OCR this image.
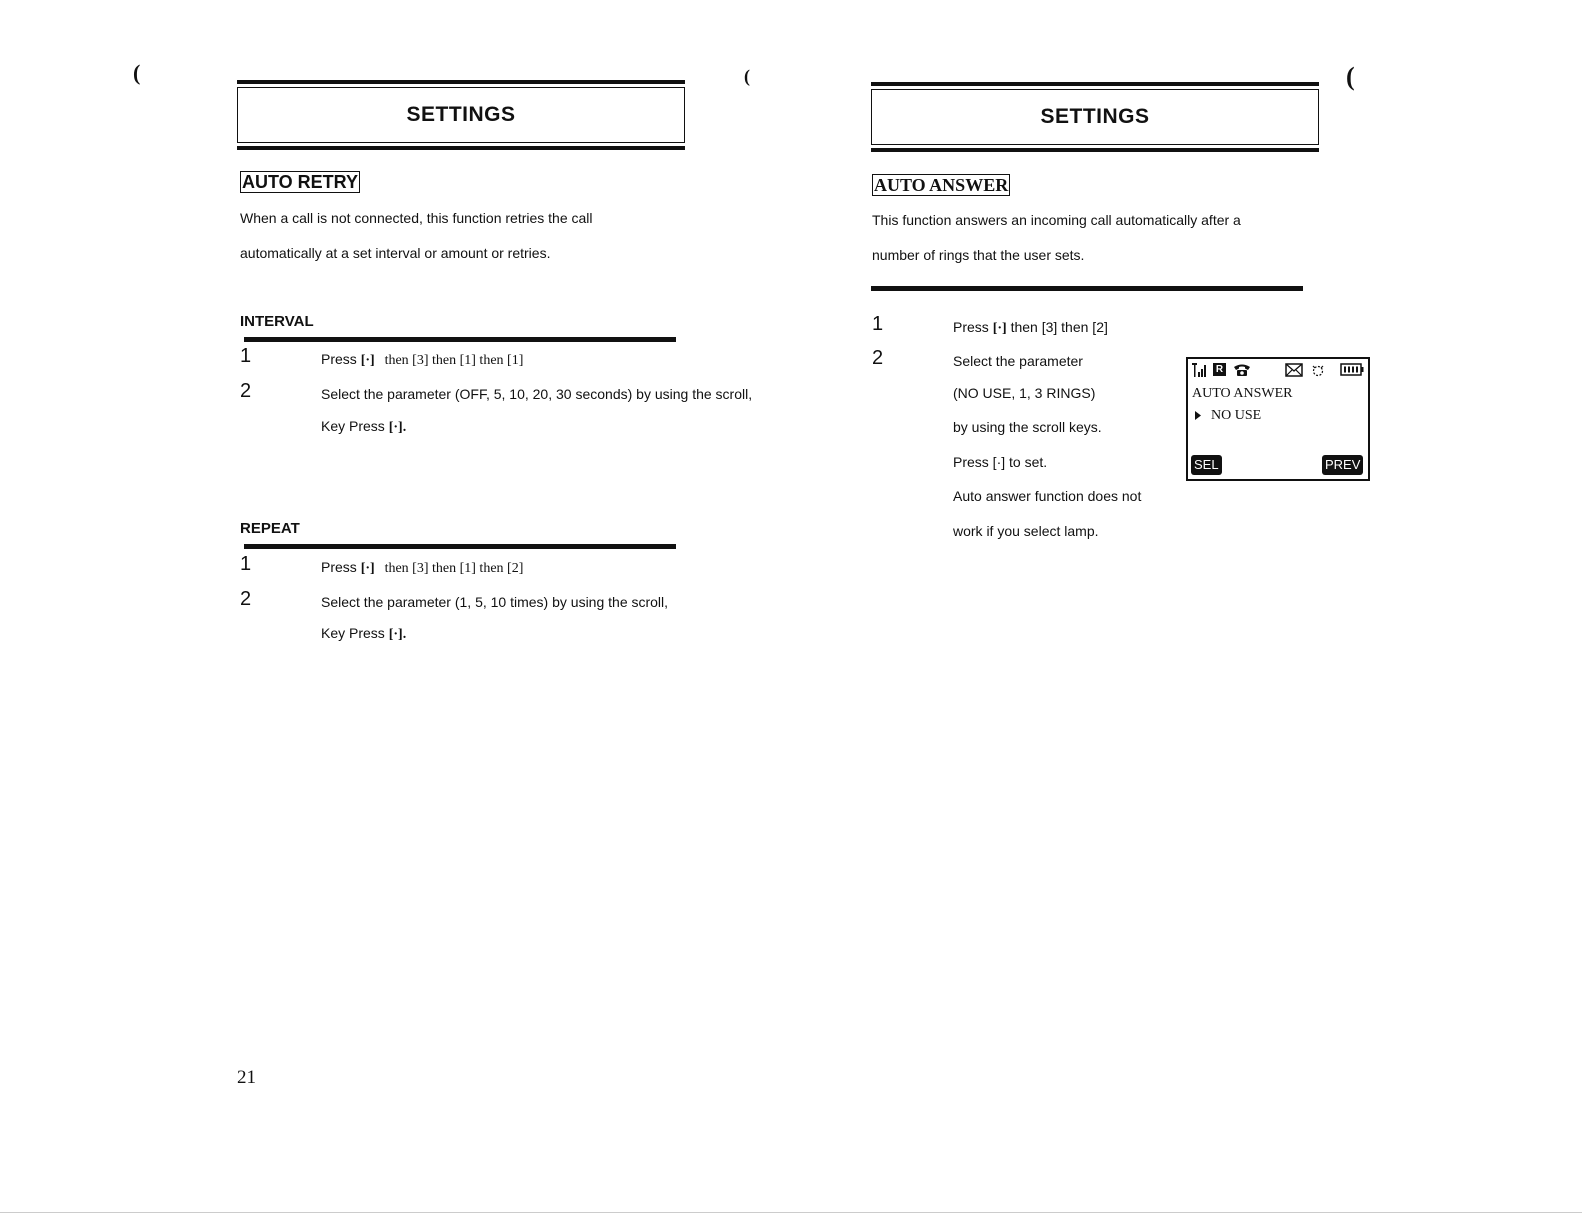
(	(	(
SETTINGS
AUTO RETRY
When a call is not connected, this function retries the call
automatically at a set interval or amount or retries.
INTERVAL
1	Press [·] then [3] then [1] then [1]
2	Select the parameter (OFF, 5, 10, 20, 30 seconds) by using the scroll,
Key Press [·].
REPEAT
1	Press [·] then [3] then [1] then [2]
2	Select the parameter (1, 5, 10 times) by using the scroll,
Key Press [·].
21
SETTINGS
AUTO ANSWER
This function answers an incoming call automatically after a
number of rings that the user sets.
1	Press [·] then [3] then [2]
2	Select the parameter
(NO USE, 1, 3 RINGS)
by using the scroll keys.
Press [·] to set.
Auto answer function does not
work if you select lamp.
R
AUTO ANSWER
NO USE
SEL	PREV
